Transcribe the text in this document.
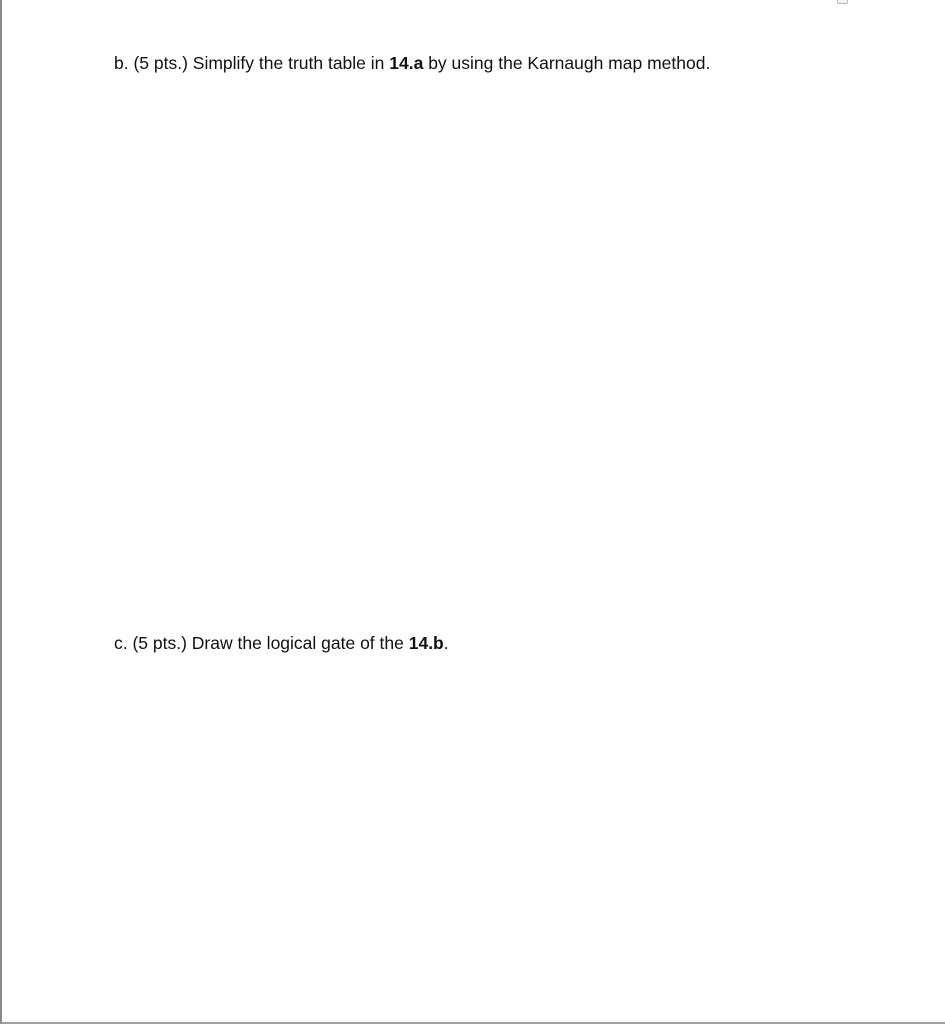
b. (5 pts.) Simplify the truth table in 14.a by using the Karnaugh map method.

c. (5 pts.) Draw the logical gate of the 14.b.
